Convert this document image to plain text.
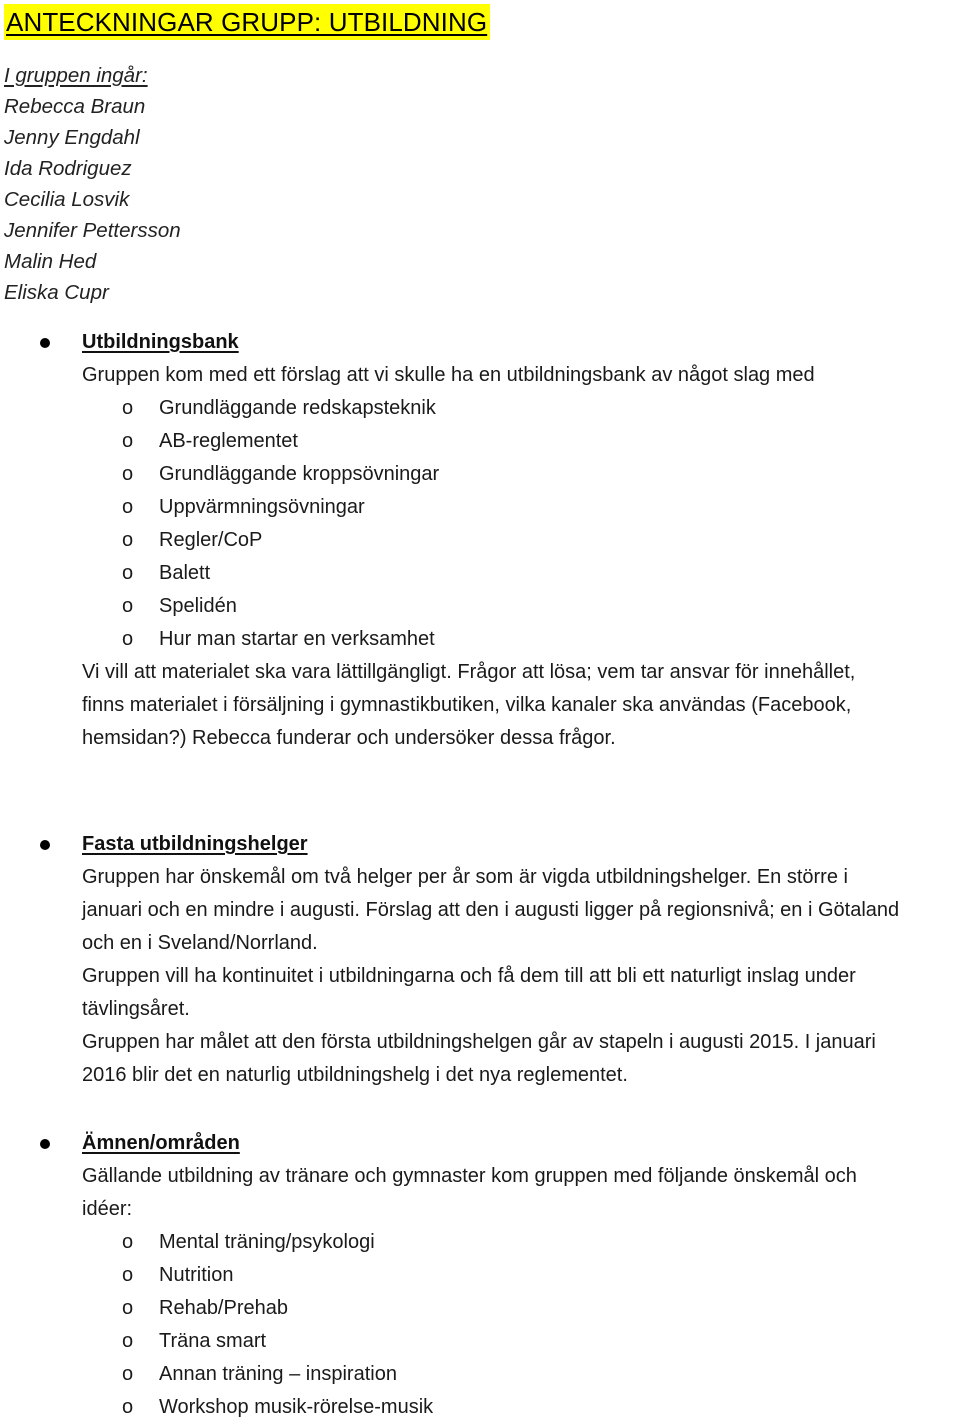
ANTECKNINGAR GRUPP: UTBILDNING
I gruppen ingår:
Rebecca Braun
Jenny Engdahl
Ida Rodriguez
Cecilia Losvik
Jennifer Pettersson
Malin Hed
Eliska Cupr
Utbildningsbank
Gruppen kom med ett förslag att vi skulle ha en utbildningsbank av något slag med
o Grundläggande redskapsteknik
o AB-reglementet
o Grundläggande kroppsövningar
o Uppvärmningsövningar
o Regler/CoP
o Balett
o Spelidén
o Hur man startar en verksamhet
Vi vill att materialet ska vara lättillgängligt. Frågor att lösa; vem tar ansvar för innehållet,
finns materialet i försäljning i gymnastikbutiken, vilka kanaler ska användas (Facebook,
hemsidan?) Rebecca funderar och undersöker dessa frågor.
Fasta utbildningshelger
Gruppen har önskemål om två helger per år som är vigda utbildningshelger. En större i
januari och en mindre i augusti. Förslag att den i augusti ligger på regionsnivå; en i Götaland
och en i Sveland/Norrland.
Gruppen vill ha kontinuitet i utbildningarna och få dem till att bli ett naturligt inslag under
tävlingsåret.
Gruppen har målet att den första utbildningshelgen går av stapeln i augusti 2015. I januari
2016 blir det en naturlig utbildningshelg i det nya reglementet.
Ämnen/områden
Gällande utbildning av tränare och gymnaster kom gruppen med följande önskemål och
idéer:
o Mental träning/psykologi
o Nutrition
o Rehab/Prehab
o Träna smart
o Annan träning – inspiration
o Workshop musik-rörelse-musik
